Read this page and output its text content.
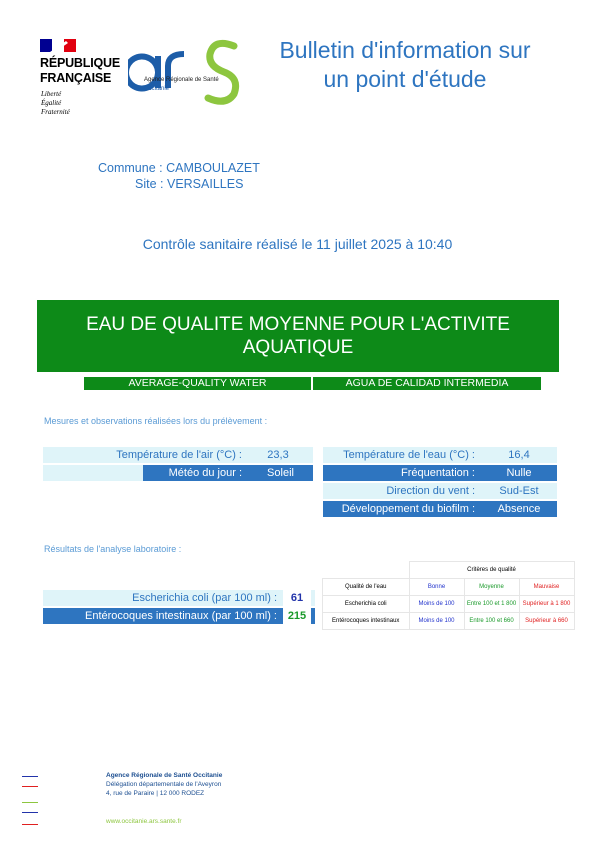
RÉPUBLIQUE
FRANÇAISE
Liberté
Égalité
Fraternité
Agence Régionale de Santé
Occitanie
Bulletin d'information sur
un point d'étude
Commune : CAMBOULAZET
Site : VERSAILLES
Contrôle sanitaire réalisé le 11 juillet 2025 à 10:40
EAU DE QUALITE MOYENNE POUR L'ACTIVITE
AQUATIQUE
AVERAGE-QUALITY WATER	AGUA DE CALIDAD INTERMEDIA
Mesures et observations réalisées lors du prélèvement :
Température de l'air (°C) :	23,3
Météo du jour :	Soleil
Température de l'eau (°C) :	16,4
Fréquentation :	Nulle
Direction du vent :	Sud-Est
Développement du biofilm :	Absence
Résultats de l'analyse laboratoire :
Escherichia coli (par 100 ml) :	61
Entérocoques intestinaux (par 100 ml) : 215
	Critères de qualité		
Qualité de l'eau	Bonne	Moyenne	Mauvaise
Escherichia coli	Moins de 100	Entre 100 et 1 800	Supérieur à 1 800
Entérocoques intestinaux	Moins de 100	Entre 100 et 660	Supérieur à 660
Agence Régionale de Santé Occitanie
Délégation départementale de l'Aveyron
4, rue de Paraire | 12 000 RODEZ
www.occitanie.ars.sante.fr
